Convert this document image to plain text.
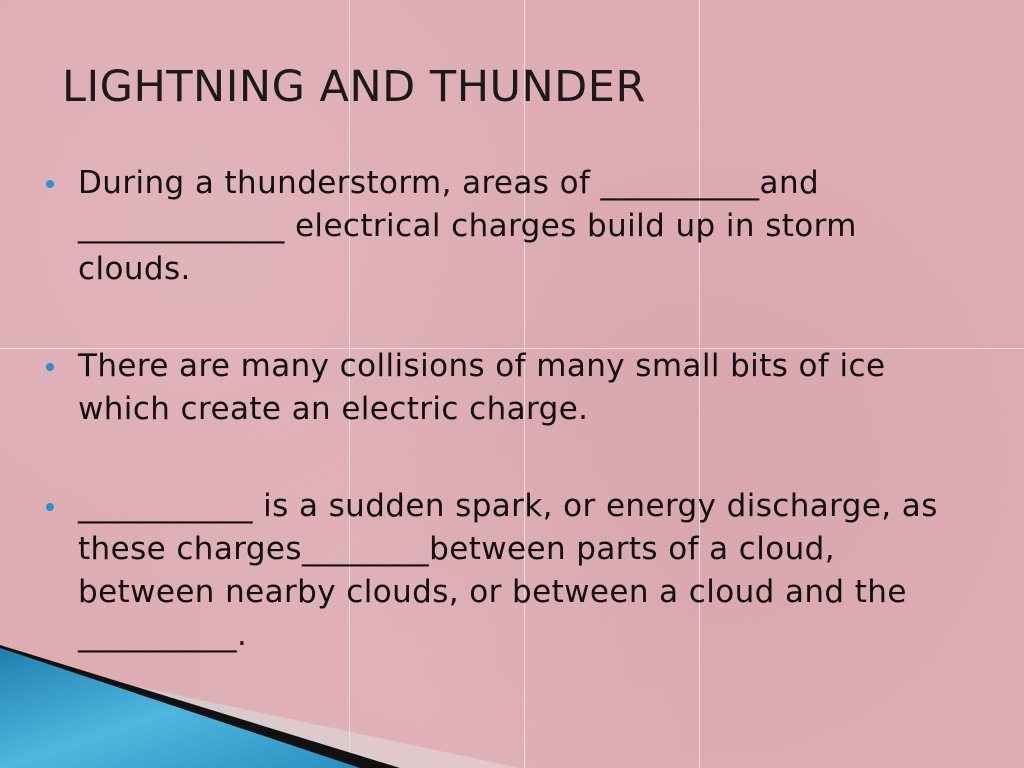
LIGHTNING AND THUNDER
During a thunderstorm, areas of __________and _____________ electrical charges build up in storm clouds.
There are many collisions of many small bits of ice which create an electric charge.
___________ is a sudden spark, or energy discharge, as these charges________between parts of a cloud, between nearby clouds, or between a cloud and the __________.
